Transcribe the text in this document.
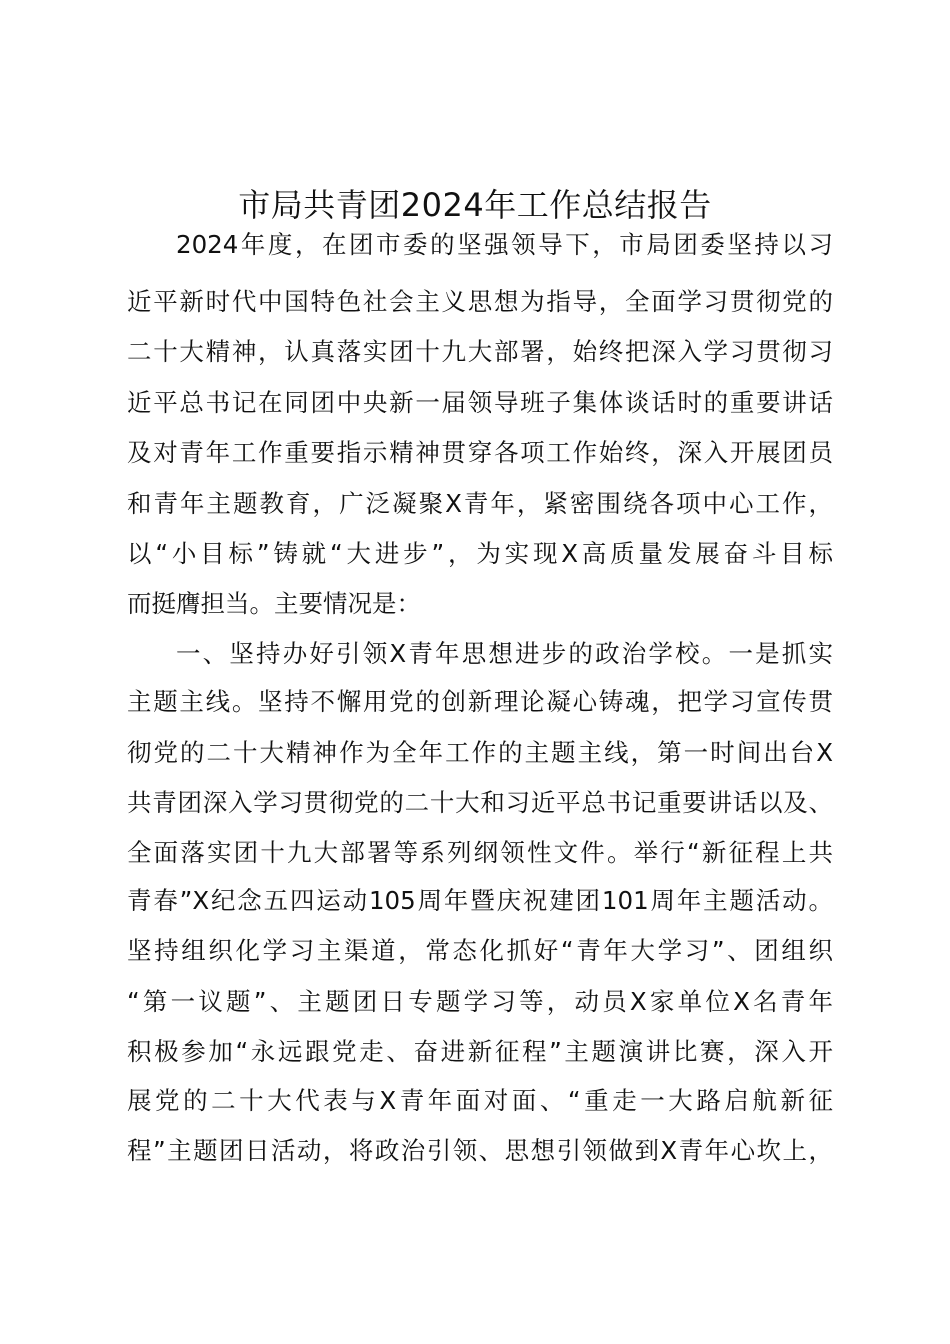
市局共青团2024年工作总结报告
2024年度，在团市委的坚强领导下，市局团委坚持以习
近平新时代中国特色社会主义思想为指导，全面学习贯彻党的
二十大精神，认真落实团十九大部署，始终把深入学习贯彻习
近平总书记在同团中央新一届领导班子集体谈话时的重要讲话
及对青年工作重要指示精神贯穿各项工作始终，深入开展团员
和青年主题教育，广泛凝聚X青年，紧密围绕各项中心工作，
以“小目标”铸就“大进步”，为实现X高质量发展奋斗目标
而挺膺担当。主要情况是：
一、坚持办好引领X青年思想进步的政治学校。一是抓实
主题主线。坚持不懈用党的创新理论凝心铸魂，把学习宣传贯
彻党的二十大精神作为全年工作的主题主线，第一时间出台X
共青团深入学习贯彻党的二十大和习近平总书记重要讲话以及、
全面落实团十九大部署等系列纲领性文件。举行“新征程上共
青春”X纪念五四运动105周年暨庆祝建团101周年主题活动。
坚持组织化学习主渠道，常态化抓好“青年大学习”、团组织
“第一议题”、主题团日专题学习等，动员X家单位X名青年
积极参加“永远跟党走、奋进新征程”主题演讲比赛，深入开
展党的二十大代表与X青年面对面、“重走一大路启航新征
程”主题团日活动，将政治引领、思想引领做到X青年心坎上，
